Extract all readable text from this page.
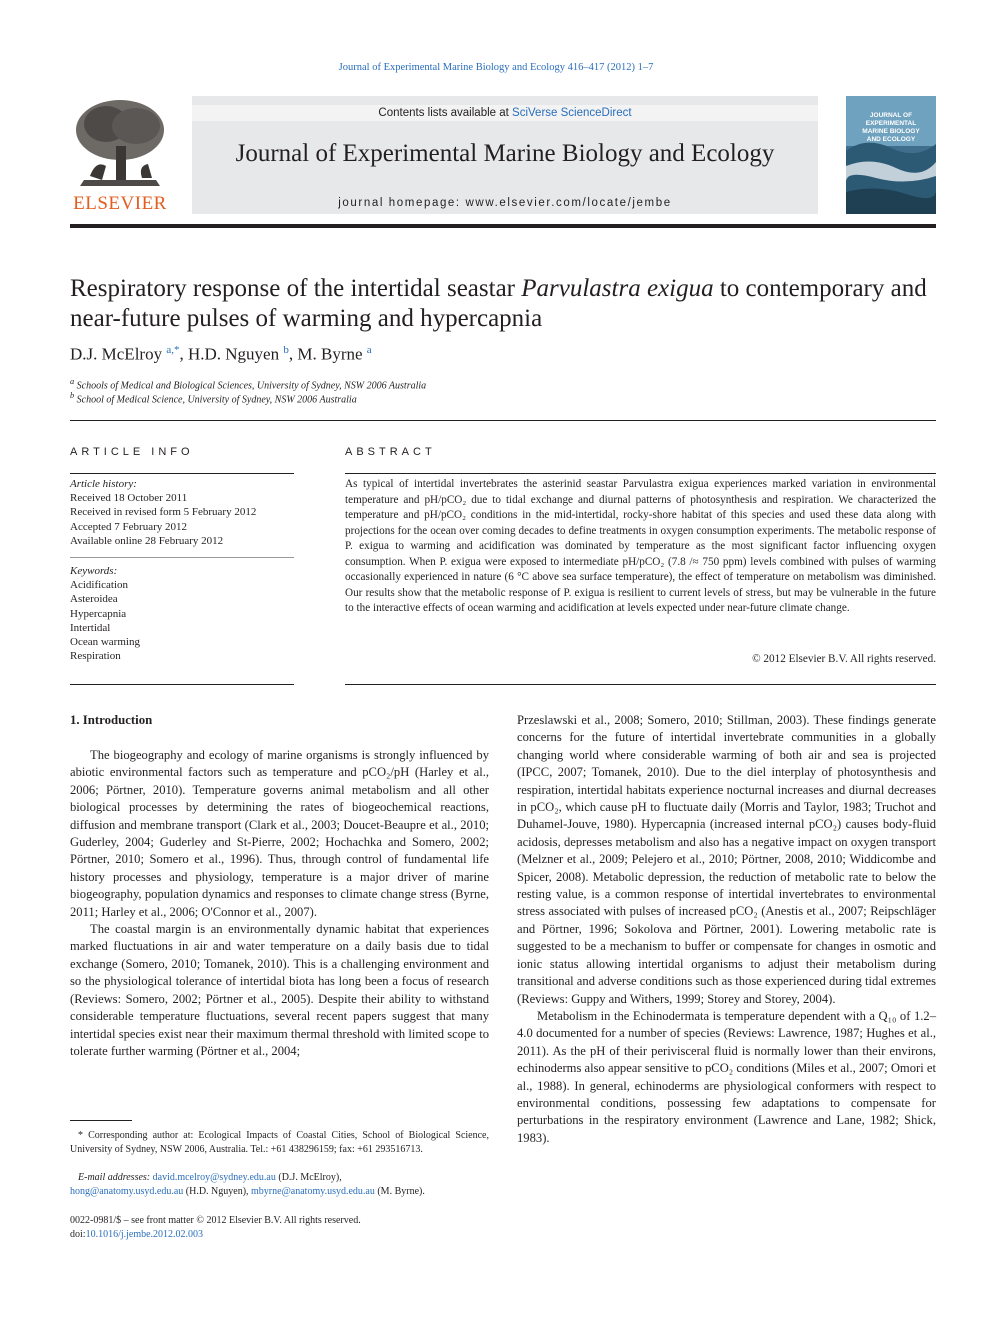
Journal of Experimental Marine Biology and Ecology 416–417 (2012) 1–7
ELSEVIER
Contents lists available at SciVerse ScienceDirect
Journal of Experimental Marine Biology and Ecology
journal homepage: www.elsevier.com/locate/jembe
JOURNAL OF
EXPERIMENTAL
MARINE BIOLOGY
AND ECOLOGY
Respiratory response of the intertidal seastar Parvulastra exigua to contemporary and near-future pulses of warming and hypercapnia
D.J. McElroy $^{a,*}$, H.D. Nguyen $^b$, M. Byrne $^a$
$^a$ Schools of Medical and Biological Sciences, University of Sydney, NSW 2006 Australia
$^b$ School of Medical Science, University of Sydney, NSW 2006 Australia
ARTICLE INFO
Article history:
Received 18 October 2011
Received in revised form 5 February 2012
Accepted 7 February 2012
Available online 28 February 2012
Keywords:
Acidification
Asteroidea
Hypercapnia
Intertidal
Ocean warming
Respiration
ABSTRACT
As typical of intertidal invertebrates the asterinid seastar Parvulastra exigua experiences marked variation in environmental temperature and pH/pCO₂ due to tidal exchange and diurnal patterns of photosynthesis and respiration. We characterized the temperature and pH/pCO₂ conditions in the mid-intertidal, rocky-shore habitat of this species and used these data along with projections for the ocean over coming decades to define treatments in oxygen consumption experiments. The metabolic response of P. exigua to warming and acidification was dominated by temperature as the most significant factor influencing oxygen consumption. When P. exigua were exposed to intermediate pH/pCO₂ (7.8 /≈ 750 ppm) levels combined with pulses of warming occasionally experienced in nature (6 °C above sea surface temperature), the effect of temperature on metabolism was diminished. Our results show that the metabolic response of P. exigua is resilient to current levels of stress, but may be vulnerable in the future to the interactive effects of ocean warming and acidification at levels expected under near-future climate change.
© 2012 Elsevier B.V. All rights reserved.
1. Introduction

The biogeography and ecology of marine organisms is strongly influenced by abiotic environmental factors such as temperature and pCO₂/pH (Harley et al., 2006; Pörtner, 2010). Temperature governs animal metabolism and all other biological processes by determining the rates of biogeochemical reactions, diffusion and membrane transport (Clark et al., 2003; Doucet-Beaupre et al., 2010; Guderley, 2004; Guderley and St-Pierre, 2002; Hochachka and Somero, 2002; Pörtner, 2010; Somero et al., 1996). Thus, through control of fundamental life history processes and physiology, temperature is a major driver of marine biogeography, population dynamics and responses to climate change stress (Byrne, 2011; Harley et al., 2006; O'Connor et al., 2007).

The coastal margin is an environmentally dynamic habitat that experiences marked fluctuations in air and water temperature on a daily basis due to tidal exchange (Somero, 2010; Tomanek, 2010). This is a challenging environment and so the physiological tolerance of intertidal biota has long been a focus of research (Reviews: Somero, 2002; Pörtner et al., 2005). Despite their ability to withstand considerable temperature fluctuations, several recent papers suggest that many intertidal species exist near their maximum thermal threshold with limited scope to tolerate further warming (Pörtner et al., 2004;

Przeslawski et al., 2008; Somero, 2010; Stillman, 2003). These findings generate concerns for the future of intertidal invertebrate communities in a globally changing world where considerable warming of both air and sea is projected (IPCC, 2007; Tomanek, 2010). Due to the diel interplay of photosynthesis and respiration, intertidal habitats experience nocturnal increases and diurnal decreases in pCO₂, which cause pH to fluctuate daily (Morris and Taylor, 1983; Truchot and Duhamel-Jouve, 1980). Hypercapnia (increased internal pCO₂) causes body-fluid acidosis, depresses metabolism and also has a negative impact on oxygen transport (Melzner et al., 2009; Pelejero et al., 2010; Pörtner, 2008, 2010; Widdicombe and Spicer, 2008). Metabolic depression, the reduction of metabolic rate to below the resting value, is a common response of intertidal invertebrates to environmental stress associated with pulses of increased pCO₂ (Anestis et al., 2007; Reipschläger and Pörtner, 1996; Sokolova and Pörtner, 2001). Lowering metabolic rate is suggested to be a mechanism to buffer or compensate for changes in osmotic and ionic status allowing intertidal organisms to adjust their metabolism during transitional and adverse conditions such as those experienced during tidal extremes (Reviews: Guppy and Withers, 1999; Storey and Storey, 2004).

Metabolism in the Echinodermata is temperature dependent with a Q₁₀ of 1.2–4.0 documented for a number of species (Reviews: Lawrence, 1987; Hughes et al., 2011). As the pH of their perivisceral fluid is normally lower than their environs, echinoderms also appear sensitive to pCO₂ conditions (Miles et al., 2007; Omori et al., 1988). In general, echinoderms are physiological conformers with respect to environmental conditions, possessing few adaptations to compensate for perturbations in the respiratory environment (Lawrence and Lane, 1982; Shick, 1983).

* Corresponding author at: Ecological Impacts of Coastal Cities, School of Biological Science, University of Sydney, NSW 2006, Australia. Tel.: +61 438296159; fax: +61 293516713.
E-mail addresses: david.mcelroy@sydney.edu.au (D.J. McElroy),
hong@anatomy.usyd.edu.au (H.D. Nguyen), mbyrne@anatomy.usyd.edu.au (M. Byrne).
0022-0981/$ – see front matter © 2012 Elsevier B.V. All rights reserved.
doi:10.1016/j.jembe.2012.02.003
